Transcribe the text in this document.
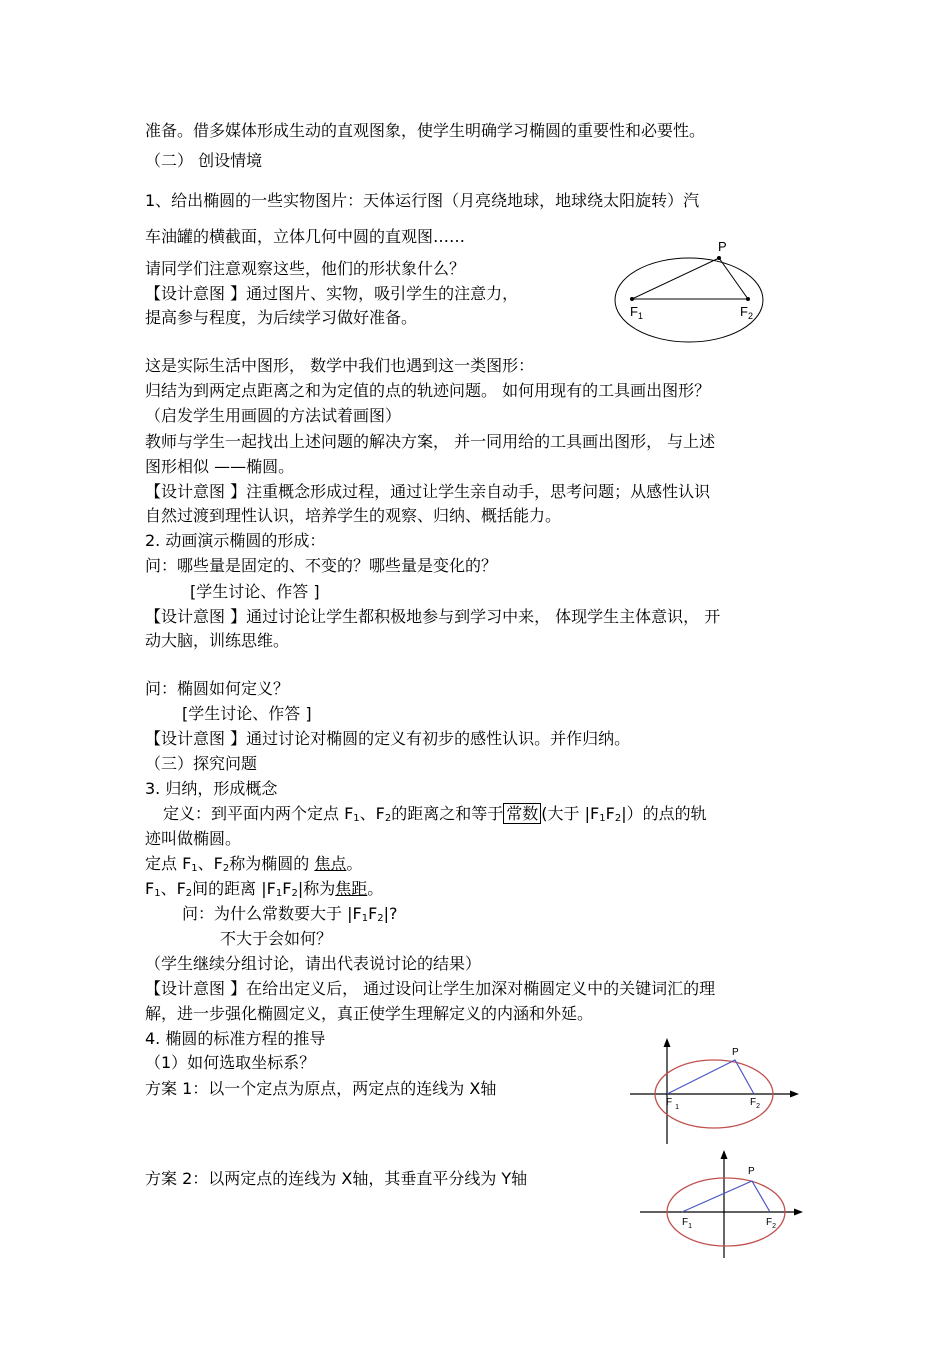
准备。借多媒体形成生动的直观图象，使学生明确学习椭圆的重要性和必要性。
（二） 创设情境
1、给出椭圆的一些实物图片：天体运行图（月亮绕地球，地球绕太阳旋转）汽
车油罐的横截面，立体几何中圆的直观图……
请同学们注意观察这些，他们的形状象什么？
【设计意图 】通过图片、实物，吸引学生的注意力，
提高参与程度，为后续学习做好准备。
这是实际生活中图形， 数学中我们也遇到这一类图形：
归结为到两定点距离之和为定值的点的轨迹问题。 如何用现有的工具画出图形？
（启发学生用画圆的方法试着画图）
教师与学生一起找出上述问题的解决方案， 并一同用给的工具画出图形， 与上述
图形相似 ——椭圆。
【设计意图 】注重概念形成过程，通过让学生亲自动手，思考问题；从感性认识
自然过渡到理性认识，培养学生的观察、归纳、概括能力。
2. 动画演示椭圆的形成：
问：哪些量是固定的、不变的？哪些量是变化的？
[学生讨论、作答 ]
【设计意图 】通过讨论让学生都积极地参与到学习中来， 体现学生主体意识， 开
动大脑，训练思维。
问：椭圆如何定义？
[学生讨论、作答 ]
【设计意图 】通过讨论对椭圆的定义有初步的感性认识。并作归纳。
（三）探究问题
3. 归纳，形成概念
定义：到平面内两个定点 $F_1$、$F_2$的距离之和等于 常数 (大于 $|F_1F_2|$）的点的轨
迹叫做椭圆。
定点 $F_1$、$F_2$称为椭圆的 焦点。
$F_1$、$F_2$间的距离 $|F_1F_2|$称为焦距。
问：为什么常数要大于 $|F_1F_2|$?
不大于会如何？
（学生继续分组讨论，请出代表说讨论的结果）
【设计意图 】在给出定义后， 通过设问让学生加深对椭圆定义中的关键词汇的理
解，进一步强化椭圆定义，真正使学生理解定义的内涵和外延。
4. 椭圆的标准方程的推导
（1）如何选取坐标系？
方案 1：以一个定点为原点，两定点的连线为 X轴
方案 2：以两定点的连线为 X轴，其垂直平分线为 Y轴
P
$F_1$	$F_2$
P
F $_1$	$F_2$
P
$F_1$	$F_2$
